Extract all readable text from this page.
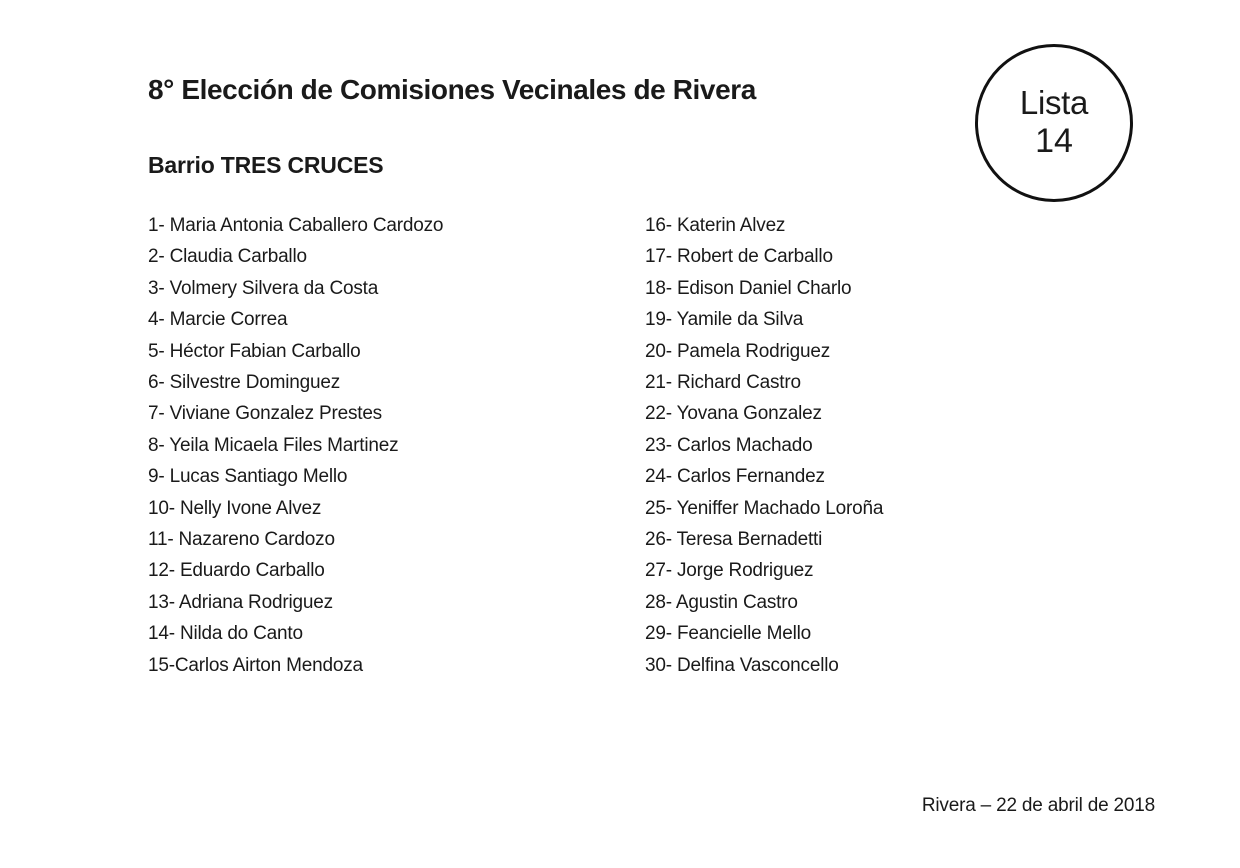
8° Elección de Comisiones Vecinales de Rivera
Barrio TRES CRUCES
Lista
14
1- Maria Antonia Caballero Cardozo
2- Claudia Carballo
3- Volmery Silvera da Costa
4- Marcie Correa
5- Héctor Fabian Carballo
6- Silvestre Dominguez
7- Viviane Gonzalez Prestes
8- Yeila Micaela Files Martinez
9- Lucas Santiago Mello
10- Nelly Ivone Alvez
11- Nazareno Cardozo
12- Eduardo Carballo
13- Adriana Rodriguez
14- Nilda do Canto
15-Carlos Airton Mendoza
16- Katerin Alvez
17- Robert de Carballo
18- Edison Daniel Charlo
19- Yamile da Silva
20- Pamela Rodriguez
21- Richard Castro
22- Yovana Gonzalez
23- Carlos Machado
24- Carlos Fernandez
25- Yeniffer Machado Loroña
26- Teresa Bernadetti
27- Jorge Rodriguez
28- Agustin Castro
29- Feancielle Mello
30- Delfina Vasconcello
Rivera – 22 de abril de 2018
